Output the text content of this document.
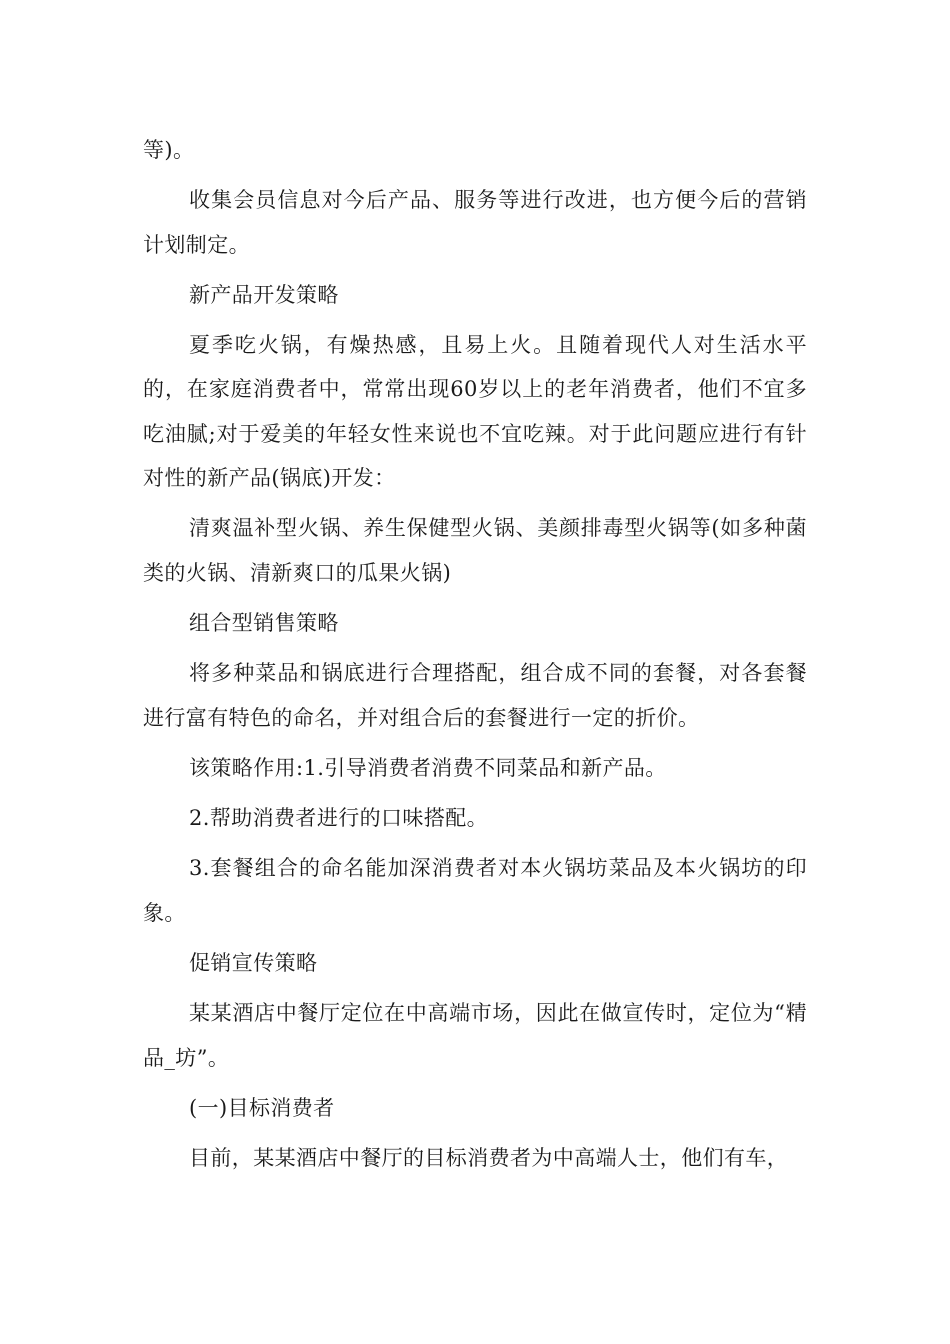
等)。

收集会员信息对今后产品、服务等进行改进，也方便今后的营销计划制定。

新产品开发策略

夏季吃火锅，有燥热感，且易上火。且随着现代人对生活水平的，在家庭消费者中，常常出现60岁以上的老年消费者，他们不宜多吃油腻;对于爱美的年轻女性来说也不宜吃辣。对于此问题应进行有针对性的新产品(锅底)开发：

清爽温补型火锅、养生保健型火锅、美颜排毒型火锅等(如多种菌类的火锅、清新爽口的瓜果火锅)

组合型销售策略

将多种菜品和锅底进行合理搭配，组合成不同的套餐，对各套餐进行富有特色的命名，并对组合后的套餐进行一定的折价。

该策略作用:1.引导消费者消费不同菜品和新产品。

2.帮助消费者进行的口味搭配。

3.套餐组合的命名能加深消费者对本火锅坊菜品及本火锅坊的印象。

促销宣传策略

某某酒店中餐厅定位在中高端市场，因此在做宣传时，定位为“精品_坊”。

(一)目标消费者

目前，某某酒店中餐厅的目标消费者为中高端人士，他们有车，
